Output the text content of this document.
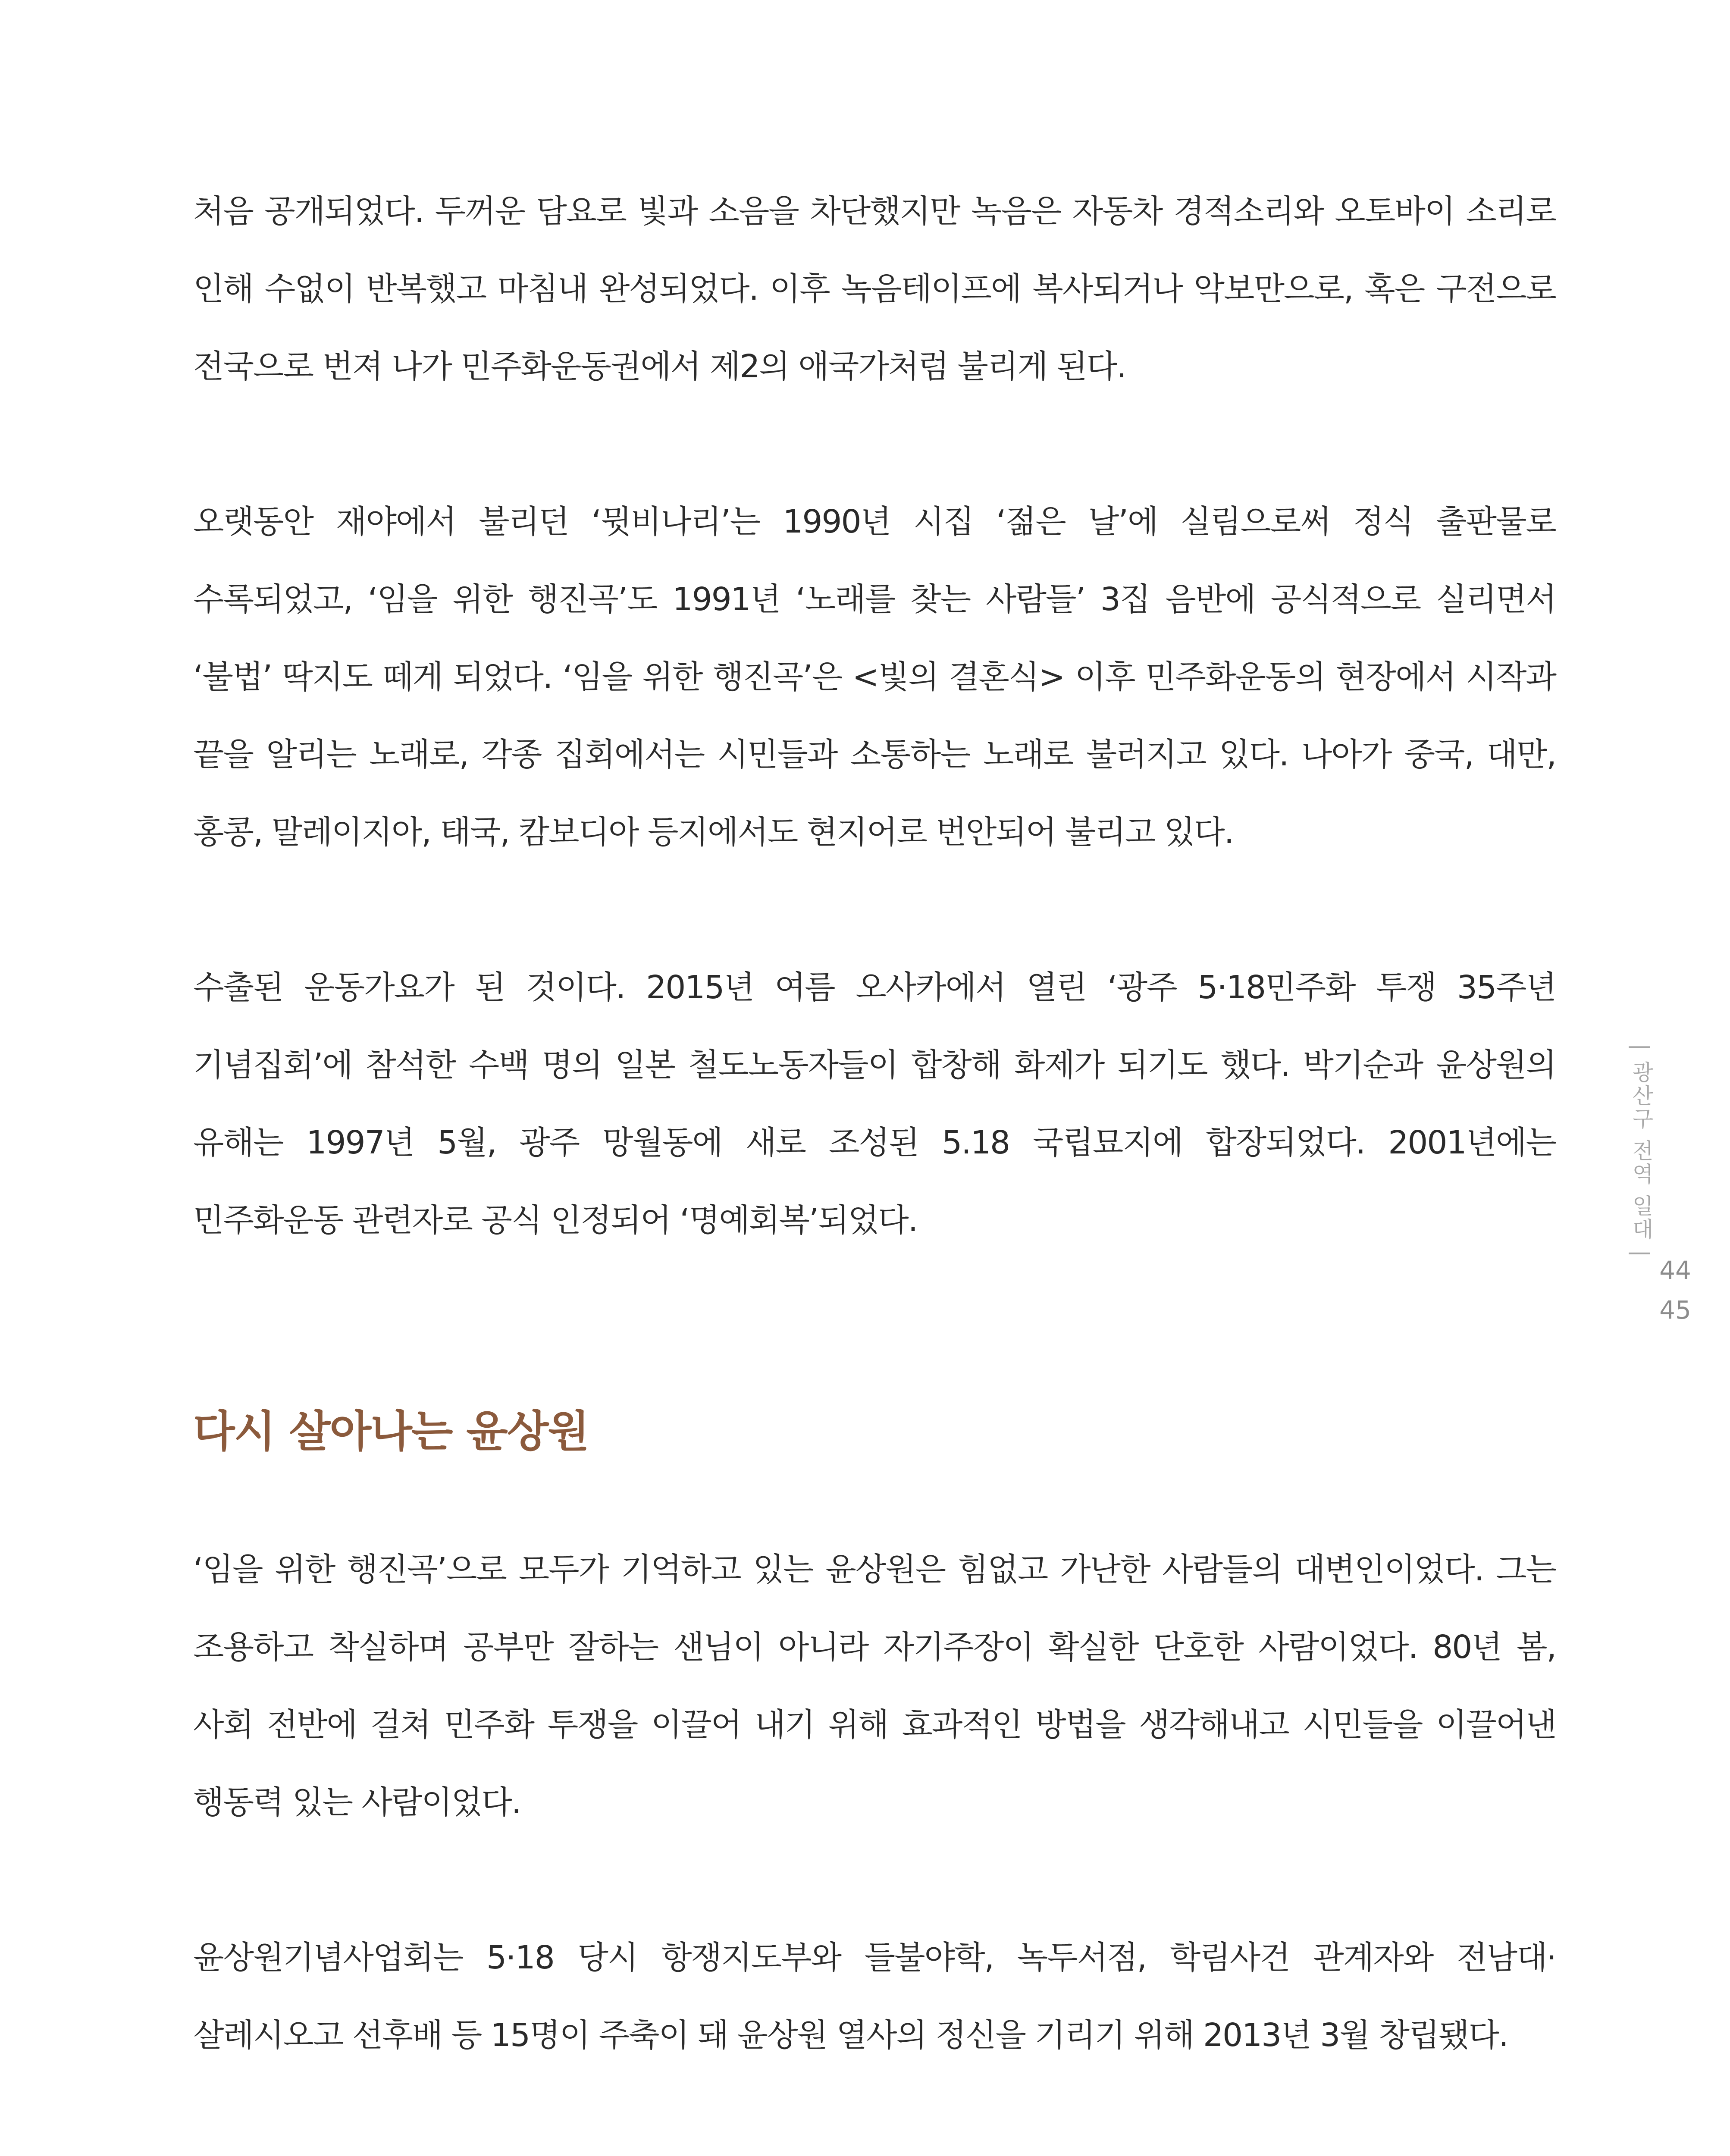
처음 공개되었다. 두꺼운 담요로 빛과 소음을 차단했지만 녹음은 자동차 경적소리와 오토바이 소리로 인해 수없이 반복했고 마침내 완성되었다. 이후 녹음테이프에 복사되거나 악보만으로, 혹은 구전으로 전국으로 번져 나가 민주화운동권에서 제2의 애국가처럼 불리게 된다.

오랫동안 재야에서 불리던 ‘뮛비나리’는 1990년 시집 ‘젊은 날’에 실림으로써 정식 출판물로 수록되었고, ‘임을 위한 행진곡’도 1991년 ‘노래를 찾는 사람들’ 3집 음반에 공식적으로 실리면서 ‘불법’ 딱지도 떼게 되었다. ‘임을 위한 행진곡’은 <빛의 결혼식> 이후 민주화운동의 현장에서 시작과 끝을 알리는 노래로, 각종 집회에서는 시민들과 소통하는 노래로 불러지고 있다. 나아가 중국, 대만, 홍콩, 말레이지아, 태국, 캄보디아 등지에서도 현지어로 번안되어 불리고 있다.

수출된 운동가요가 된 것이다. 2015년 여름 오사카에서 열린 ‘광주 5·18민주화 투쟁 35주년 기념집회’에 참석한 수백 명의 일본 철도노동자들이 합창해 화제가 되기도 했다. 박기순과 윤상원의 유해는 1997년 5월, 광주 망월동에 새로 조성된 5.18 국립묘지에 합장되었다. 2001년에는 민주화운동 관련자로 공식 인정되어 ‘명예회복’되었다.

다시 살아나는 윤상원

‘임을 위한 행진곡’으로 모두가 기억하고 있는 윤상원은 힘없고 가난한 사람들의 대변인이었다. 그는 조용하고 착실하며 공부만 잘하는 샌님이 아니라 자기주장이 확실한 단호한 사람이었다. 80년 봄, 사회 전반에 걸쳐 민주화 투쟁을 이끌어 내기 위해 효과적인 방법을 생각해내고 시민들을 이끌어낸 행동력 있는 사람이었다.

윤상원기념사업회는 5·18 당시 항쟁지도부와 들불야학, 녹두서점, 학림사건 관계자와 전남대·살레시오고 선후배 등 15명이 주축이 돼 윤상원 열사의 정신을 기리기 위해 2013년 3월 창립됐다.

| 광산구 전역 일대 |
44
45
